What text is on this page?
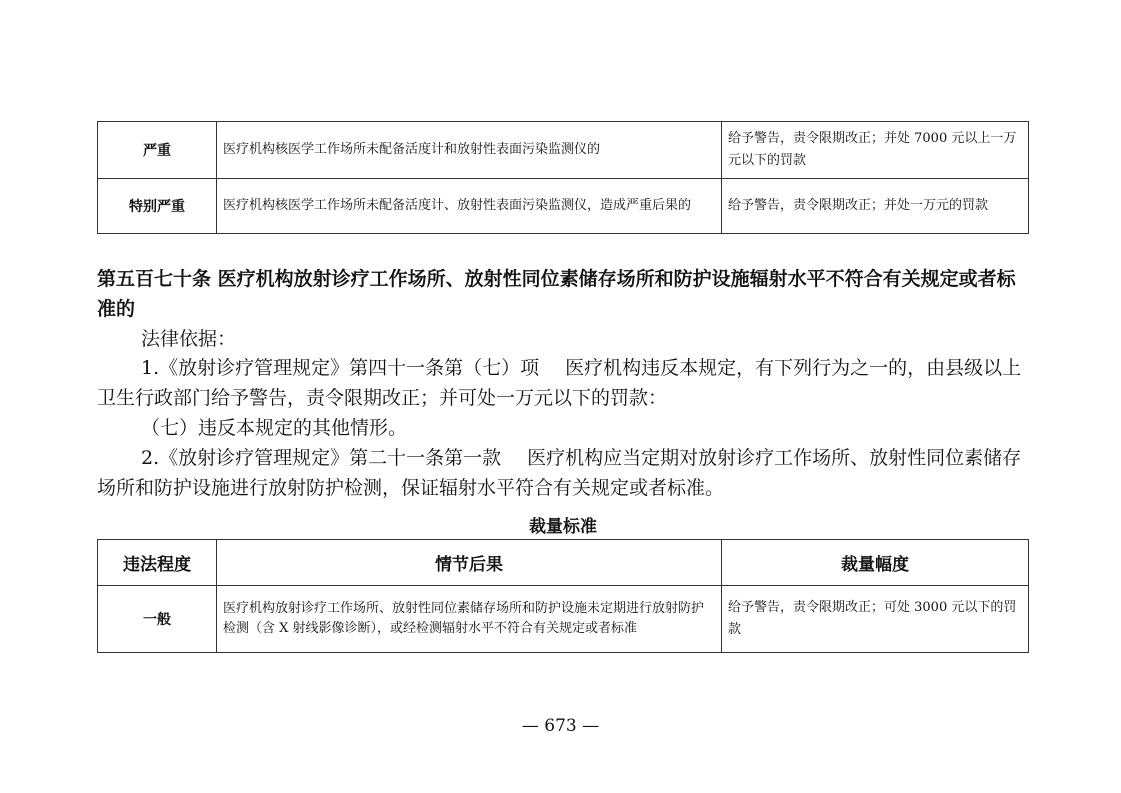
严重	医疗机构核医学工作场所未配备活度计和放射性表面污染监测仪的	给予警告，责令限期改正；并处 7000 元以上一万元以下的罚款
特别严重	医疗机构核医学工作场所未配备活度计、放射性表面污染监测仪，造成严重后果的	给予警告，责令限期改正；并处一万元的罚款
第五百七十条 医疗机构放射诊疗工作场所、放射性同位素储存场所和防护设施辐射水平不符合有关规定或者标准的
法律依据：
1.《放射诊疗管理规定》第四十一条第（七）项 医疗机构违反本规定，有下列行为之一的，由县级以上卫生行政部门给予警告，责令限期改正；并可处一万元以下的罚款：
（七）违反本规定的其他情形。
2.《放射诊疗管理规定》第二十一条第一款 医疗机构应当定期对放射诊疗工作场所、放射性同位素储存场所和防护设施进行放射防护检测，保证辐射水平符合有关规定或者标准。
裁量标准
违法程度	情节后果	裁量幅度
一般	医疗机构放射诊疗工作场所、放射性同位素储存场所和防护设施未定期进行放射防护检测（含 X 射线影像诊断），或经检测辐射水平不符合有关规定或者标准	给予警告，责令限期改正；可处 3000 元以下的罚款
— 673 —
